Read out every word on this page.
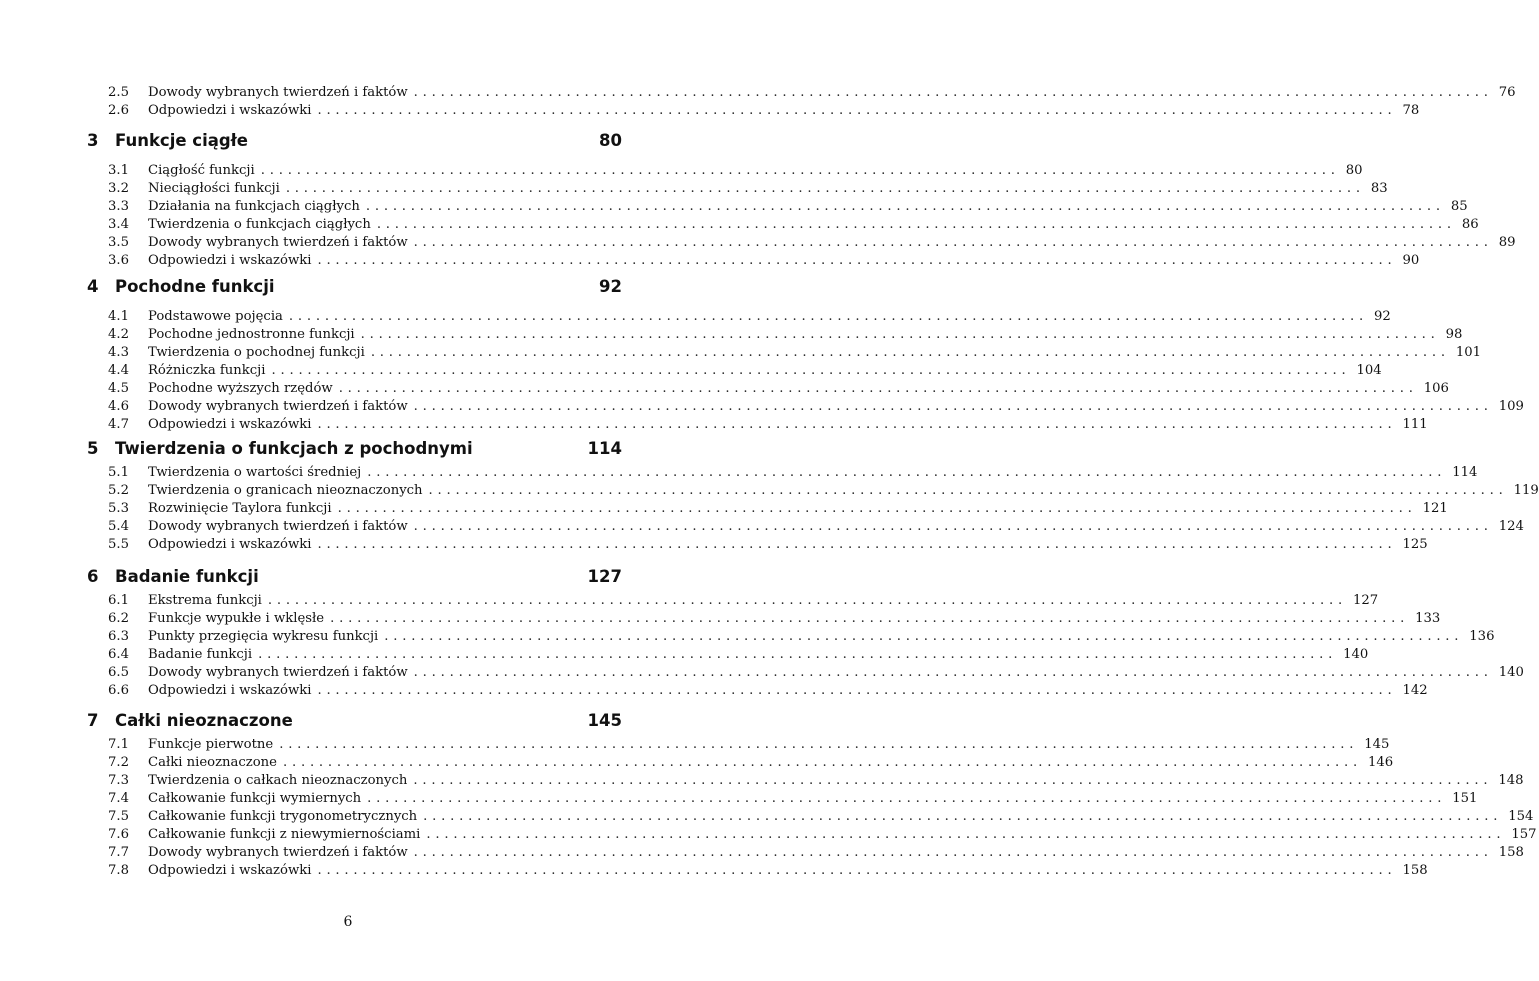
2.5	Dowody wybranych twierdzeń i faktów ........................................................................................................................ 76
2.6	Odpowiedzi i wskazówki ........................................................................................................................ 78
3	Funkcje ciągłe	80
3.1	Ciągłość funkcji ........................................................................................................................ 80
3.2	Nieciągłości funkcji ........................................................................................................................ 83
3.3	Działania na funkcjach ciągłych ........................................................................................................................ 85
3.4	Twierdzenia o funkcjach ciągłych ........................................................................................................................ 86
3.5	Dowody wybranych twierdzeń i faktów ........................................................................................................................ 89
3.6	Odpowiedzi i wskazówki ........................................................................................................................ 90
4	Pochodne funkcji	92
4.1	Podstawowe pojęcia ........................................................................................................................ 92
4.2	Pochodne jednostronne funkcji ........................................................................................................................ 98
4.3	Twierdzenia o pochodnej funkcji ........................................................................................................................ 101
4.4	Różniczka funkcji ........................................................................................................................ 104
4.5	Pochodne wyższych rzędów ........................................................................................................................ 106
4.6	Dowody wybranych twierdzeń i faktów ........................................................................................................................ 109
4.7	Odpowiedzi i wskazówki ........................................................................................................................ 111
5	Twierdzenia o funkcjach z pochodnymi	114
5.1	Twierdzenia o wartości średniej ........................................................................................................................ 114
5.2	Twierdzenia o granicach nieoznaczonych ........................................................................................................................ 119
5.3	Rozwinięcie Taylora funkcji ........................................................................................................................ 121
5.4	Dowody wybranych twierdzeń i faktów ........................................................................................................................ 124
5.5	Odpowiedzi i wskazówki ........................................................................................................................ 125
6	Badanie funkcji	127
6.1	Ekstrema funkcji ........................................................................................................................ 127
6.2	Funkcje wypukłe i wklęsłe ........................................................................................................................ 133
6.3	Punkty przegięcia wykresu funkcji ........................................................................................................................ 136
6.4	Badanie funkcji ........................................................................................................................ 140
6.5	Dowody wybranych twierdzeń i faktów ........................................................................................................................ 140
6.6	Odpowiedzi i wskazówki ........................................................................................................................ 142
7	Całki nieoznaczone	145
7.1	Funkcje pierwotne ........................................................................................................................ 145
7.2	Całki nieoznaczone ........................................................................................................................ 146
7.3	Twierdzenia o całkach nieoznaczonych ........................................................................................................................ 148
7.4	Całkowanie funkcji wymiernych ........................................................................................................................ 151
7.5	Całkowanie funkcji trygonometrycznych ........................................................................................................................ 154
7.6	Całkowanie funkcji z niewymiernościami ........................................................................................................................ 157
7.7	Dowody wybranych twierdzeń i faktów ........................................................................................................................ 158
7.8	Odpowiedzi i wskazówki ........................................................................................................................ 158
6
